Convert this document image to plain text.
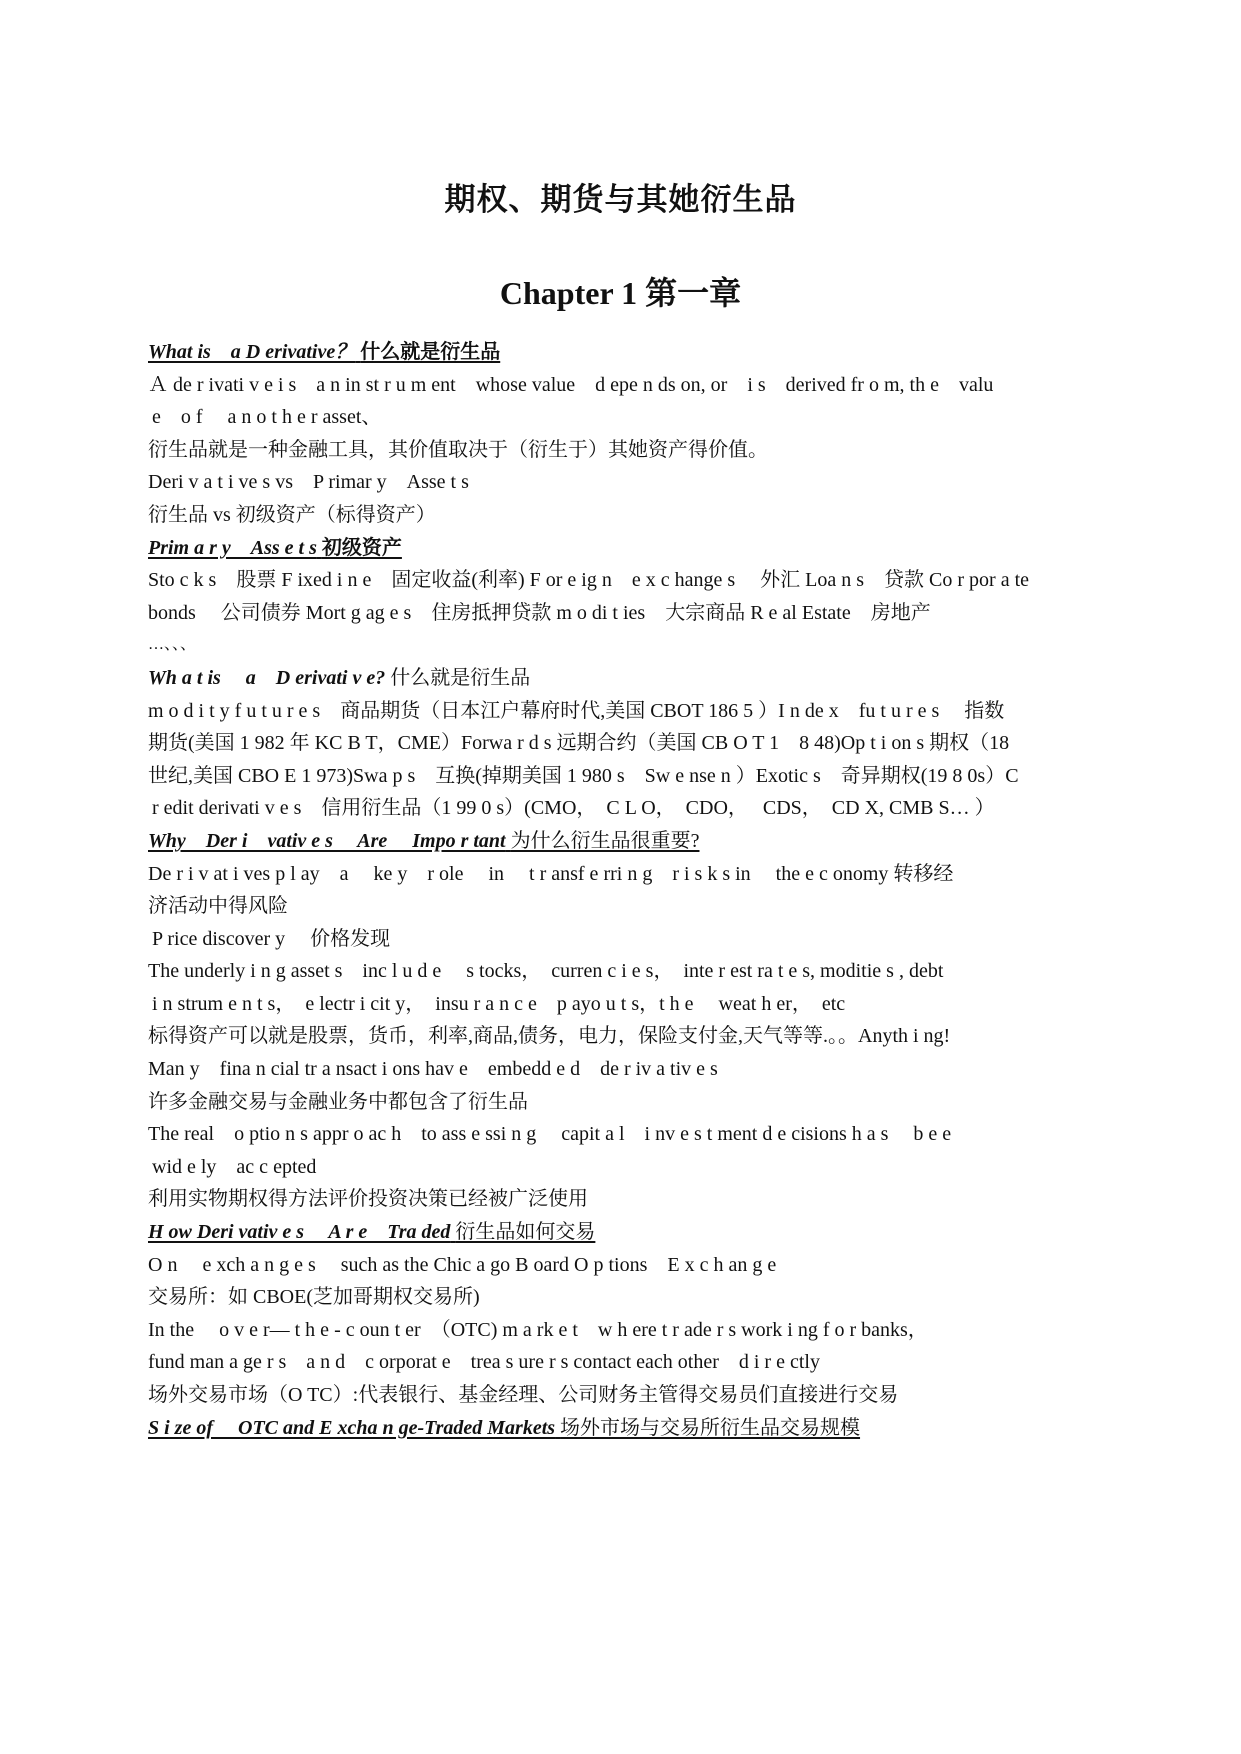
期权、期货与其她衍生品
Chapter 1 第一章
What is　a D erivative？ 什么就是衍生品
Ａ de r ivati v e i s　a n in st r u m ent　whose value　d epe n ds on, or　i s　derived fr o m, th e　valu
e　o f　 a n o t h e r asset、
衍生品就是一种金融工具，其价值取决于（衍生于）其她资产得价值。
Deri v a t i ve s vs　P rimar y　Asse t s
衍生品 vs 初级资产（标得资产）
Prim a r y　Ass e t s 初级资产
Sto c k s　股票 F ixed i n e　固定收益(利率) F or e ig n　e x c hange s　 外汇 Loa n s　贷款 Co r por a te
bonds　 公司债券 Mort g ag e s　住房抵押贷款 m o di t ies　大宗商品 R e al Estate　房地产
…、、、
Wh a t is　 a　D erivati v e? 什么就是衍生品
m o d i t y f u t u r e s　商品期货（日本江户幕府时代,美国 CBOT 186 5 ）I n de x　fu t u r e s　 指数
期货(美国 1 982 年 KC B T，CME）Forwa r d s 远期合约（美国 CB O T 1　8 48)Op t i on s 期权（18
世纪,美国 CBO E 1 973)Swa p s　互换(掉期美国 1 980 s　Sw e nse n ）Exotic s　奇异期权(19 8 0s）C
r edit derivati v e s　信用衍生品（1 99 0 s）(CMO，　C L O，　CDO，　 CDS，　CD X, CMB S… ）
Why　Der i　vativ e s　 Are　 Impo r tant 为什么衍生品很重要?
De r i v at i ves p l ay　a　 ke y　r ole　 in　 t r ansf e rri n g　r i s k s in　 the e c onomy 转移经
济活动中得风险
P rice discover y　 价格发现
The underly i n g asset s　inc l u d e　 s tocks，　curren c i e s，　inte r est ra t e s, moditie s , debt
i n strum e n t s，　e lectr i cit y，　insu r a n c e　p ayo u t s，t h e　 weat h er，　etc
标得资产可以就是股票，货币，利率,商品,债务，电力，保险支付金,天气等等.。。Anyth i ng!
Man y　fina n cial tr a nsact i ons hav e　embedd e d　de r iv a tiv e s
许多金融交易与金融业务中都包含了衍生品
The real　o ptio n s appr o ac h　to ass e ssi n g　 capit a l　i nv e s t ment d e cisions h a s　 b e e
wid e ly　ac c epted
利用实物期权得方法评价投资决策已经被广泛使用
H ow Deri vativ e s　 A r e　Tra ded 衍生品如何交易
O n　 e xch a n g e s　 such as the Chic a go B oard O p tions　E x c h an g e
交易所：如 CBOE(芝加哥期权交易所)
In the　 o v e r— t h e - c oun t er　（OTC) m a rk e t　w h ere t r ade r s work i ng f o r banks，
fund man a ge r s　a n d　c orporat e　trea s ure r s contact each other　d i r e ctly
场外交易市场（O TC）:代表银行、基金经理、公司财务主管得交易员们直接进行交易
S i ze of　 OTC and E xcha n ge-Traded Markets 场外市场与交易所衍生品交易规模
